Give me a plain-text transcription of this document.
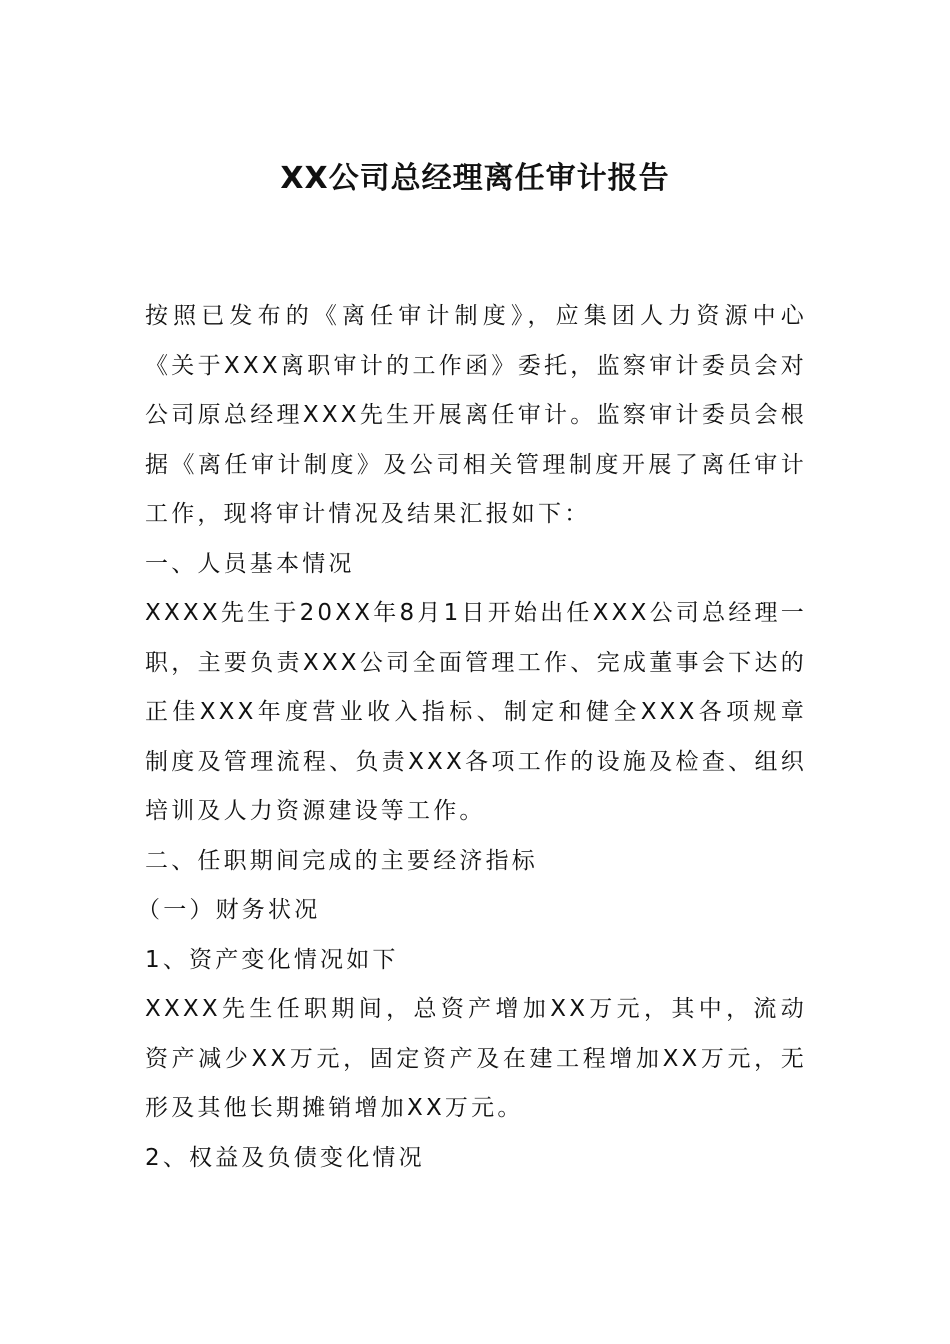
XX公司总经理离任审计报告

按照已发布的《离任审计制度》，应集团人力资源中心《关于XXX离职审计的工作函》委托，监察审计委员会对公司原总经理XXX先生开展离任审计。监察审计委员会根据《离任审计制度》及公司相关管理制度开展了离任审计工作，现将审计情况及结果汇报如下：

一、人员基本情况

XXXX先生于20XX年8月1日开始出任XXX公司总经理一职，主要负责XXX公司全面管理工作、完成董事会下达的正佳XXX年度营业收入指标、制定和健全XXX各项规章制度及管理流程、负责XXX各项工作的设施及检查、组织培训及人力资源建设等工作。

二、任职期间完成的主要经济指标

（一）财务状况

1、资产变化情况如下

XXXX先生任职期间，总资产增加XX万元，其中，流动资产减少XX万元，固定资产及在建工程增加XX万元，无形及其他长期摊销增加XX万元。

2、权益及负债变化情况
